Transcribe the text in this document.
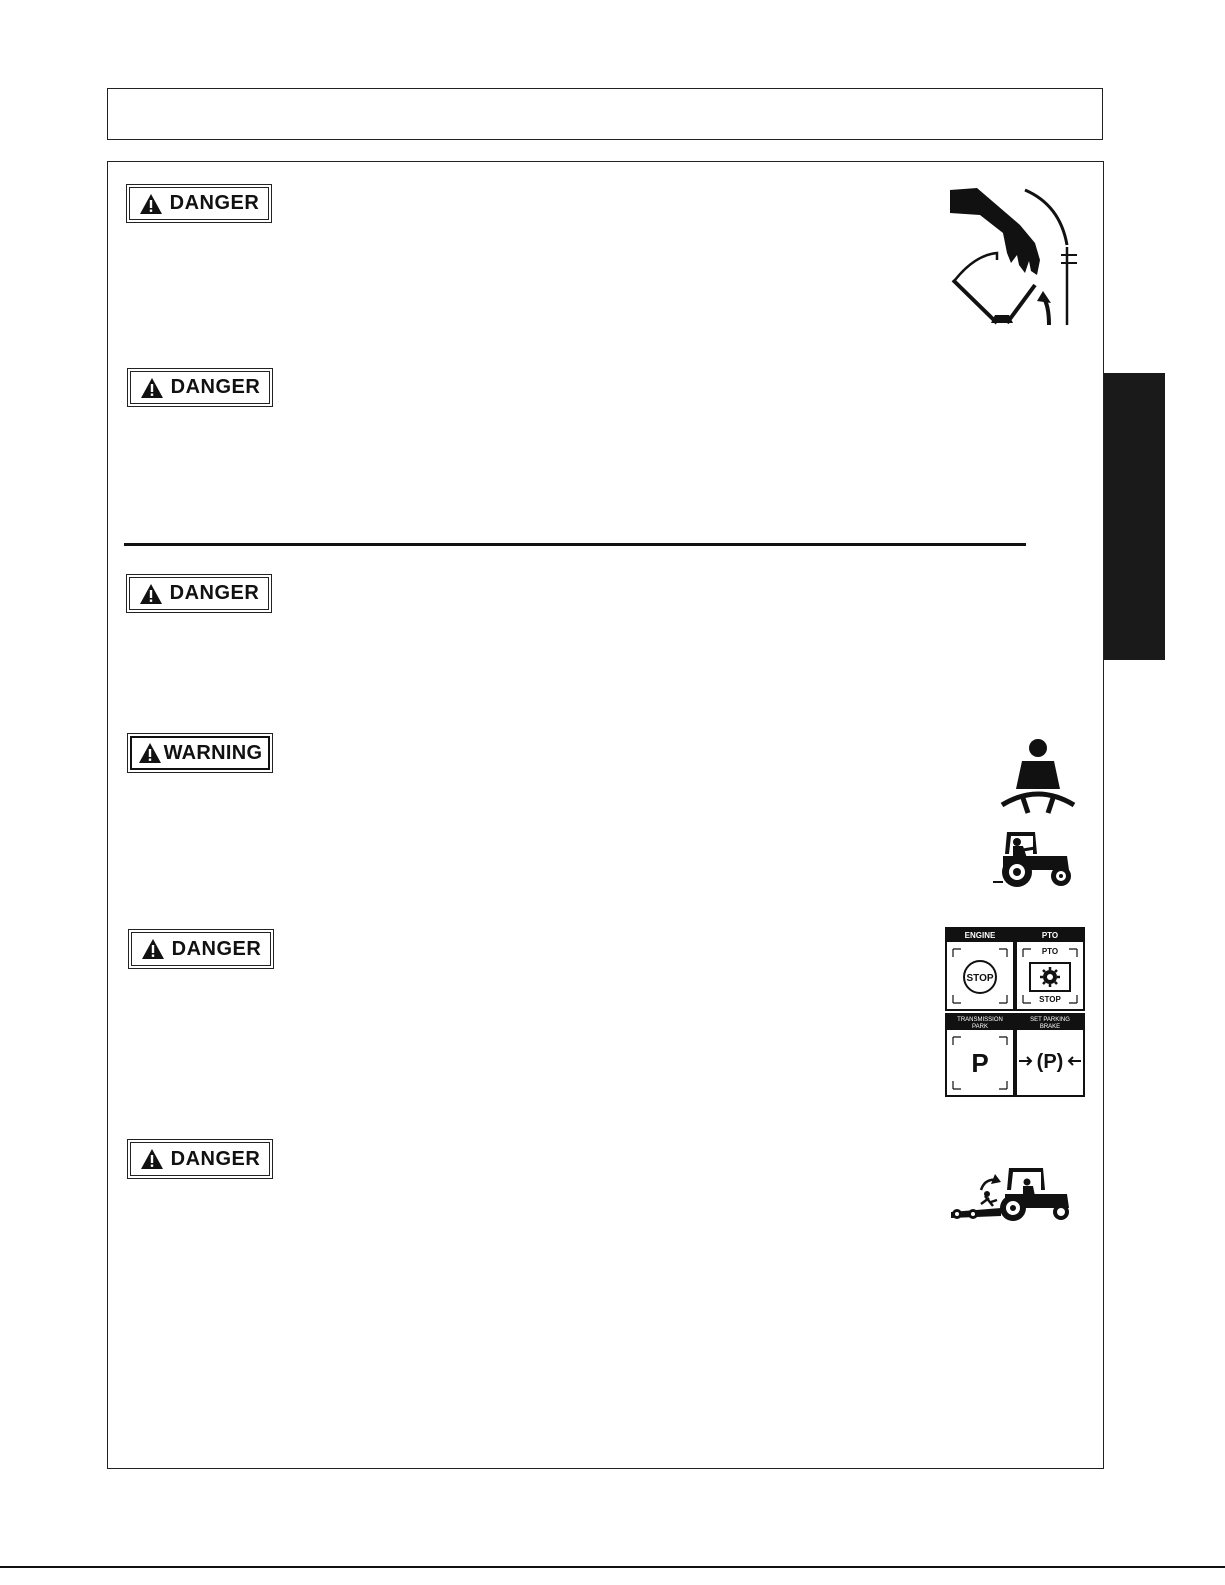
DANGER
DANGER
DANGER
WARNING
DANGER
DANGER
ENGINE
STOP
PTO
PTO
STOP
TRANSMISSION
PARK
P
SET PARKING
BRAKE
(P)
